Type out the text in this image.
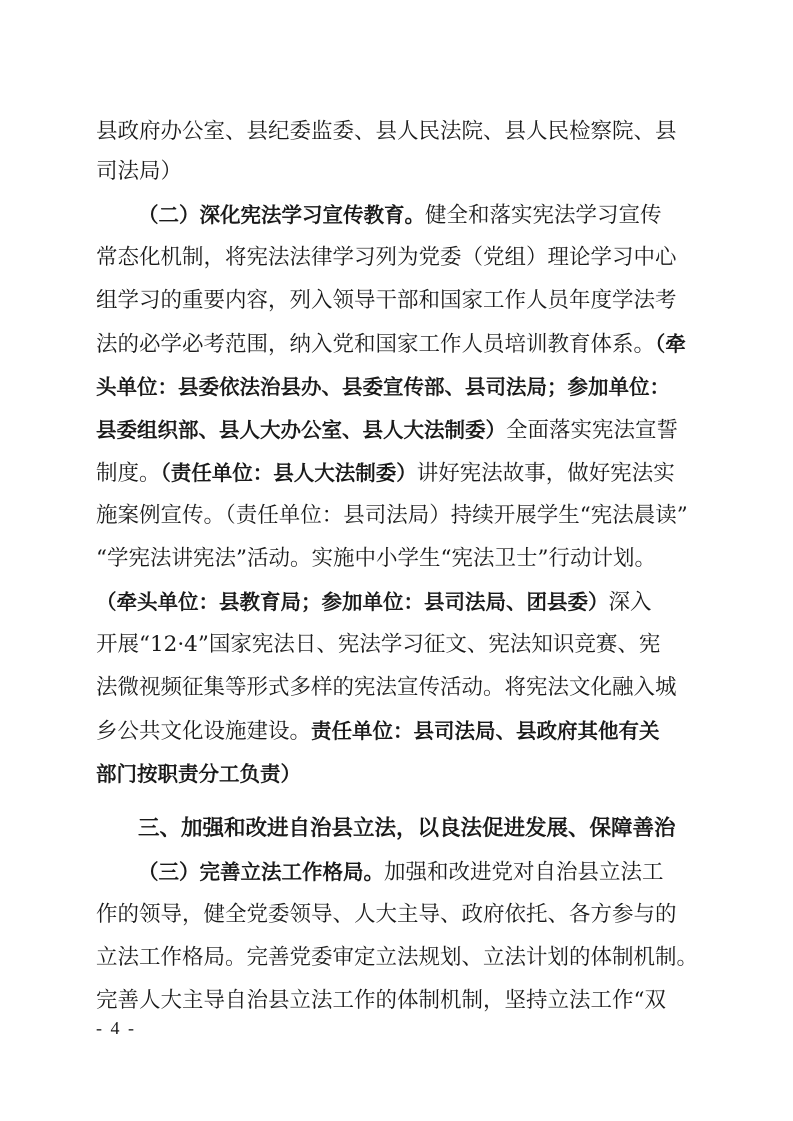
县政府办公室、县纪委监委、县人民法院、县人民检察院、县
司法局）
（二）深化宪法学习宣传教育。健全和落实宪法学习宣传
常态化机制，将宪法法律学习列为党委（党组）理论学习中心
组学习的重要内容，列入领导干部和国家工作人员年度学法考
法的必学必考范围，纳入党和国家工作人员培训教育体系。（牵
头单位：县委依法治县办、县委宣传部、县司法局；参加单位：
县委组织部、县人大办公室、县人大法制委）全面落实宪法宣誓
制度。（责任单位：县人大法制委）讲好宪法故事，做好宪法实
施案例宣传。（责任单位：县司法局）持续开展学生“宪法晨读”
“学宪法讲宪法”活动。实施中小学生“宪法卫士”行动计划。
（牵头单位：县教育局；参加单位：县司法局、团县委）深入
开展“12·4”国家宪法日、宪法学习征文、宪法知识竞赛、宪
法微视频征集等形式多样的宪法宣传活动。将宪法文化融入城
乡公共文化设施建设。责任单位：县司法局、县政府其他有关
部门按职责分工负责）
三、加强和改进自治县立法，以良法促进发展、保障善治
（三）完善立法工作格局。加强和改进党对自治县立法工
作的领导，健全党委领导、人大主导、政府依托、各方参与的
立法工作格局。完善党委审定立法规划、立法计划的体制机制。
完善人大主导自治县立法工作的体制机制，坚持立法工作“双
- 4 -
